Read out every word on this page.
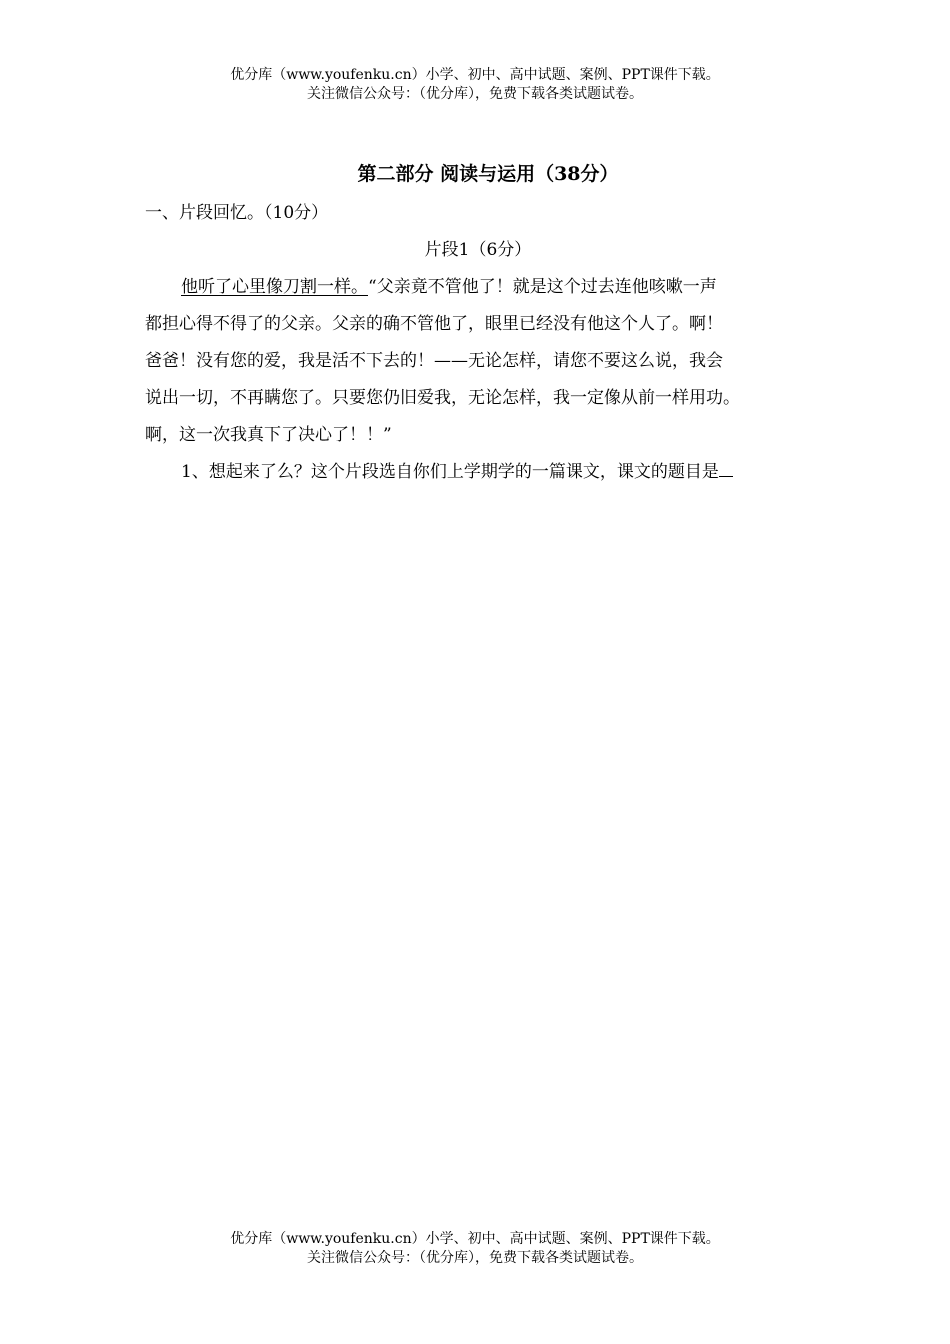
优分库（www.youfenku.cn）小学、初中、高中试题、案例、PPT课件下载。
关注微信公众号：（优分库），免费下载各类试题试卷。
第二部分 阅读与运用（38分）
一、片段回忆。（10分）
片段1（6分）
他听了心里像刀割一样。“父亲竟不管他了！就是这个过去连他咳嗽一声
都担心得不得了的父亲。父亲的确不管他了，眼里已经没有他这个人了。啊！
爸爸！没有您的爱，我是活不下去的！——无论怎样，请您不要这么说，我会
说出一切，不再瞒您了。只要您仍旧爱我，无论怎样，我一定像从前一样用功。
啊，这一次我真下了决心了！！”
1、想起来了么？这个片段选自你们上学期学的一篇课文，课文的题目是
优分库（www.youfenku.cn）小学、初中、高中试题、案例、PPT课件下载。
关注微信公众号：（优分库），免费下载各类试题试卷。
